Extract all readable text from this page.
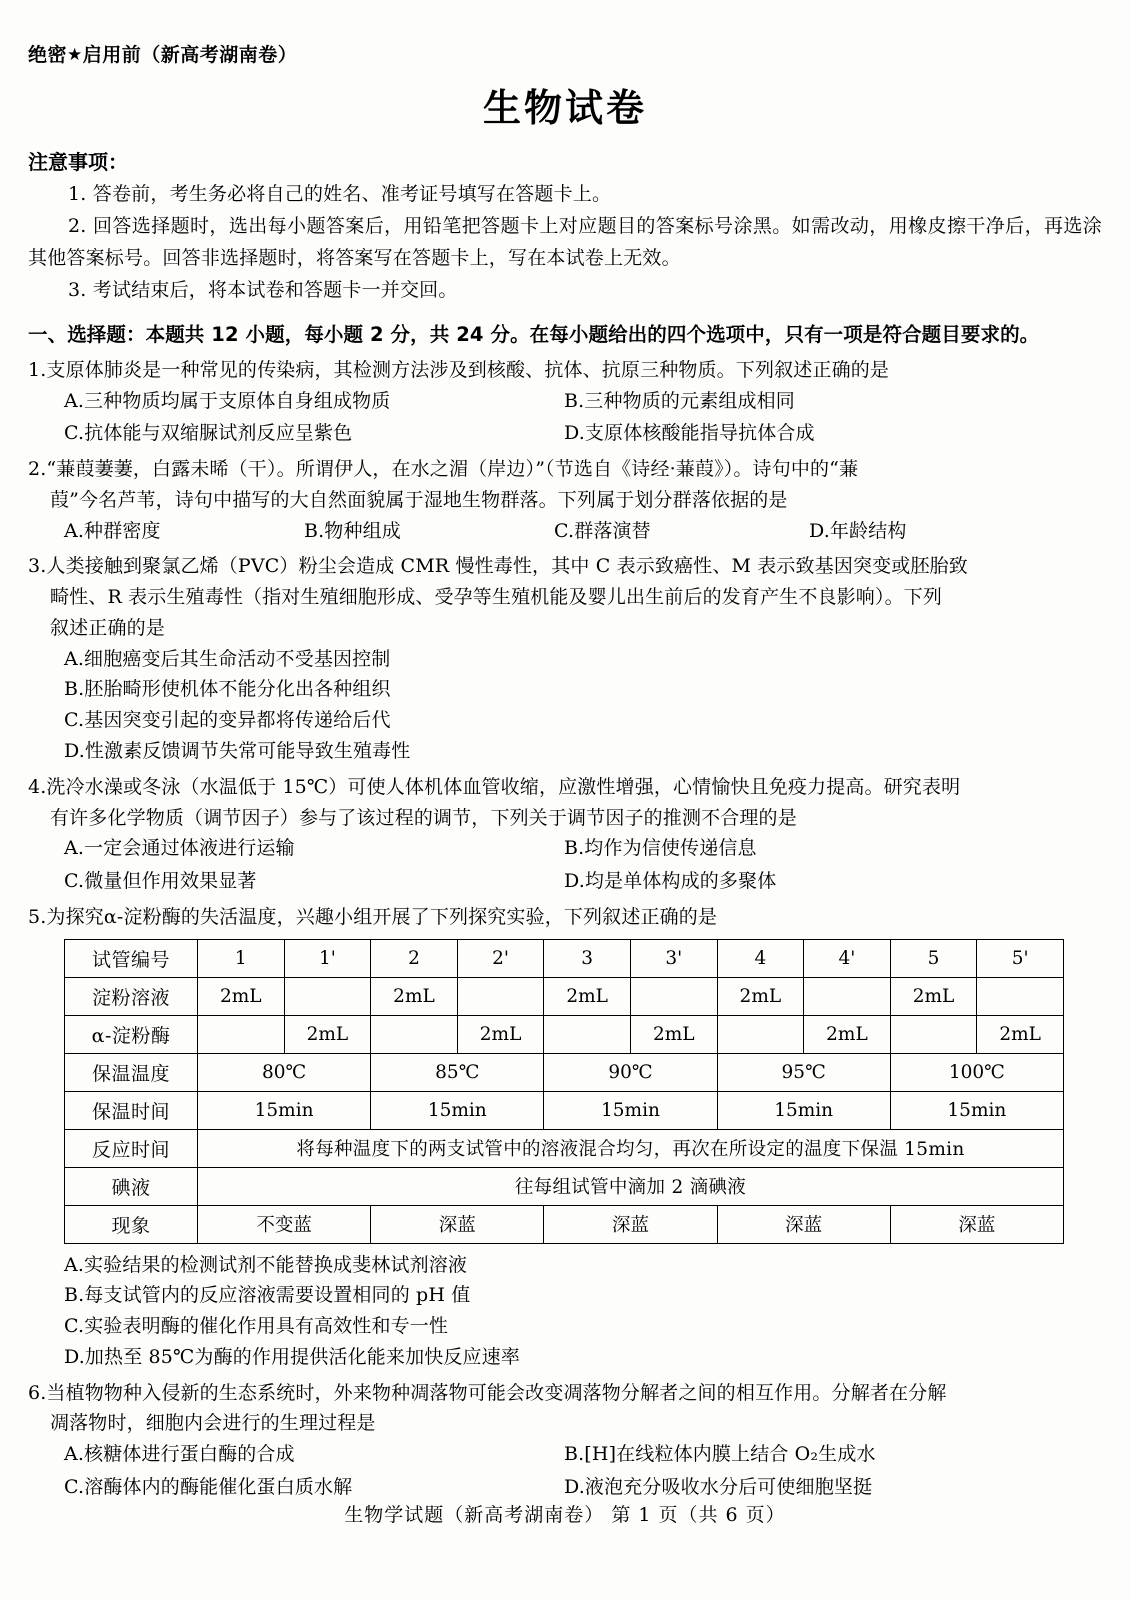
绝密★启用前（新高考湖南卷）
生物试卷
注意事项：
1. 答卷前，考生务必将自己的姓名、准考证号填写在答题卡上。
2. 回答选择题时，选出每小题答案后，用铅笔把答题卡上对应题目的答案标号涂黑。如需改动，用橡皮擦干净后，再选涂其他答案标号。回答非选择题时，将答案写在答题卡上，写在本试卷上无效。
3. 考试结束后，将本试卷和答题卡一并交回。
一、选择题：本题共 12 小题，每小题 2 分，共 24 分。在每小题给出的四个选项中，只有一项是符合题目要求的。
1.支原体肺炎是一种常见的传染病，其检测方法涉及到核酸、抗体、抗原三种物质。下列叙述正确的是
A.三种物质均属于支原体自身组成物质	B.三种物质的元素组成相同
C.抗体能与双缩脲试剂反应呈紫色	D.支原体核酸能指导抗体合成
2.“蒹葭萋萋，白露未晞（干）。所谓伊人，在水之湄（岸边）”（节选自《诗经·蒹葭》）。诗句中的“蒹
葭”今名芦苇，诗句中描写的大自然面貌属于湿地生物群落。下列属于划分群落依据的是
A.种群密度	B.物种组成	C.群落演替	D.年龄结构
3.人类接触到聚氯乙烯（PVC）粉尘会造成 CMR 慢性毒性，其中 C 表示致癌性、M 表示致基因突变或胚胎致
畸性、R 表示生殖毒性（指对生殖细胞形成、受孕等生殖机能及婴儿出生前后的发育产生不良影响）。下列
叙述正确的是
A.细胞癌变后其生命活动不受基因控制
B.胚胎畸形使机体不能分化出各种组织
C.基因突变引起的变异都将传递给后代
D.性激素反馈调节失常可能导致生殖毒性
4.洗冷水澡或冬泳（水温低于 15℃）可使人体机体血管收缩，应激性增强，心情愉快且免疫力提高。研究表明
有许多化学物质（调节因子）参与了该过程的调节，下列关于调节因子的推测不合理的是
A.一定会通过体液进行运输	B.均作为信使传递信息
C.微量但作用效果显著	D.均是单体构成的多聚体
5.为探究α-淀粉酶的失活温度，兴趣小组开展了下列探究实验，下列叙述正确的是
试管编号	1	1'	2	2'	3	3'	4	4'	5	5'
淀粉溶液	2mL		2mL		2mL		2mL		2mL	
α-淀粉酶		2mL		2mL		2mL		2mL		2mL
保温温度	80℃		85℃		90℃		95℃		100℃	
保温时间	15min		15min		15min		15min		15min	
反应时间	将每种温度下的两支试管中的溶液混合均匀，再次在所设定的温度下保温 15min									
碘液	往每组试管中滴加 2 滴碘液									
现象	不变蓝		深蓝		深蓝		深蓝		深蓝	
A.实验结果的检测试剂不能替换成斐林试剂溶液
B.每支试管内的反应溶液需要设置相同的 pH 值
C.实验表明酶的催化作用具有高效性和专一性
D.加热至 85℃为酶的作用提供活化能来加快反应速率
6.当植物物种入侵新的生态系统时，外来物种凋落物可能会改变凋落物分解者之间的相互作用。分解者在分解
凋落物时，细胞内会进行的生理过程是
A.核糖体进行蛋白酶的合成	B.[H]在线粒体内膜上结合 O₂生成水
C.溶酶体内的酶能催化蛋白质水解	D.液泡充分吸收水分后可使细胞坚挺
生物学试题（新高考湖南卷） 第 1 页（共 6 页）
